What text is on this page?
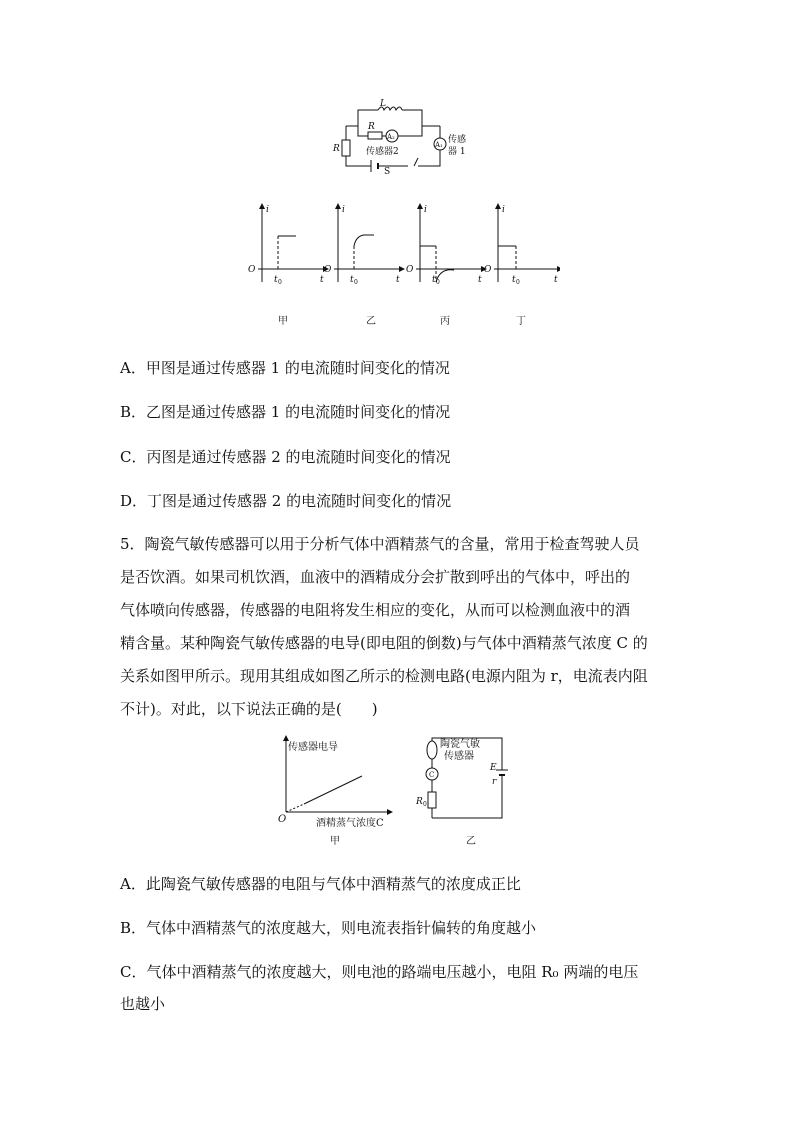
L
R
R
A₂
A₁ 传感
器 1
传感器2
S
i	i	i	i
t	t	t	t
O	O	O	O
t	t	t	t
0	0	0	0
甲	乙	丙	丁
A．甲图是通过传感器 1 的电流随时间变化的情况
B．乙图是通过传感器 1 的电流随时间变化的情况
C．丙图是通过传感器 2 的电流随时间变化的情况
D．丁图是通过传感器 2 的电流随时间变化的情况
5．陶瓷气敏传感器可以用于分析气体中酒精蒸气的含量，常用于检查驾驶人员
是否饮酒。如果司机饮酒，血液中的酒精成分会扩散到呼出的气体中，呼出的
气体喷向传感器，传感器的电阻将发生相应的变化，从而可以检测血液中的酒
精含量。某种陶瓷气敏传感器的电导(即电阻的倒数)与气体中酒精蒸气浓度 C 的
关系如图甲所示。现用其组成如图乙所示的检测电路(电源内阻为 r，电流表内阻
不计)。对此，以下说法正确的是(　　)
传感器电导
酒精蒸气浓度C
O
甲
陶瓷气敏
传感器
C
E
r
R 0
乙
A．此陶瓷气敏传感器的电阻与气体中酒精蒸气的浓度成正比
B．气体中酒精蒸气的浓度越大，则电流表指针偏转的角度越小
C．气体中酒精蒸气的浓度越大，则电池的路端电压越小，电阻 R₀ 两端的电压
也越小
